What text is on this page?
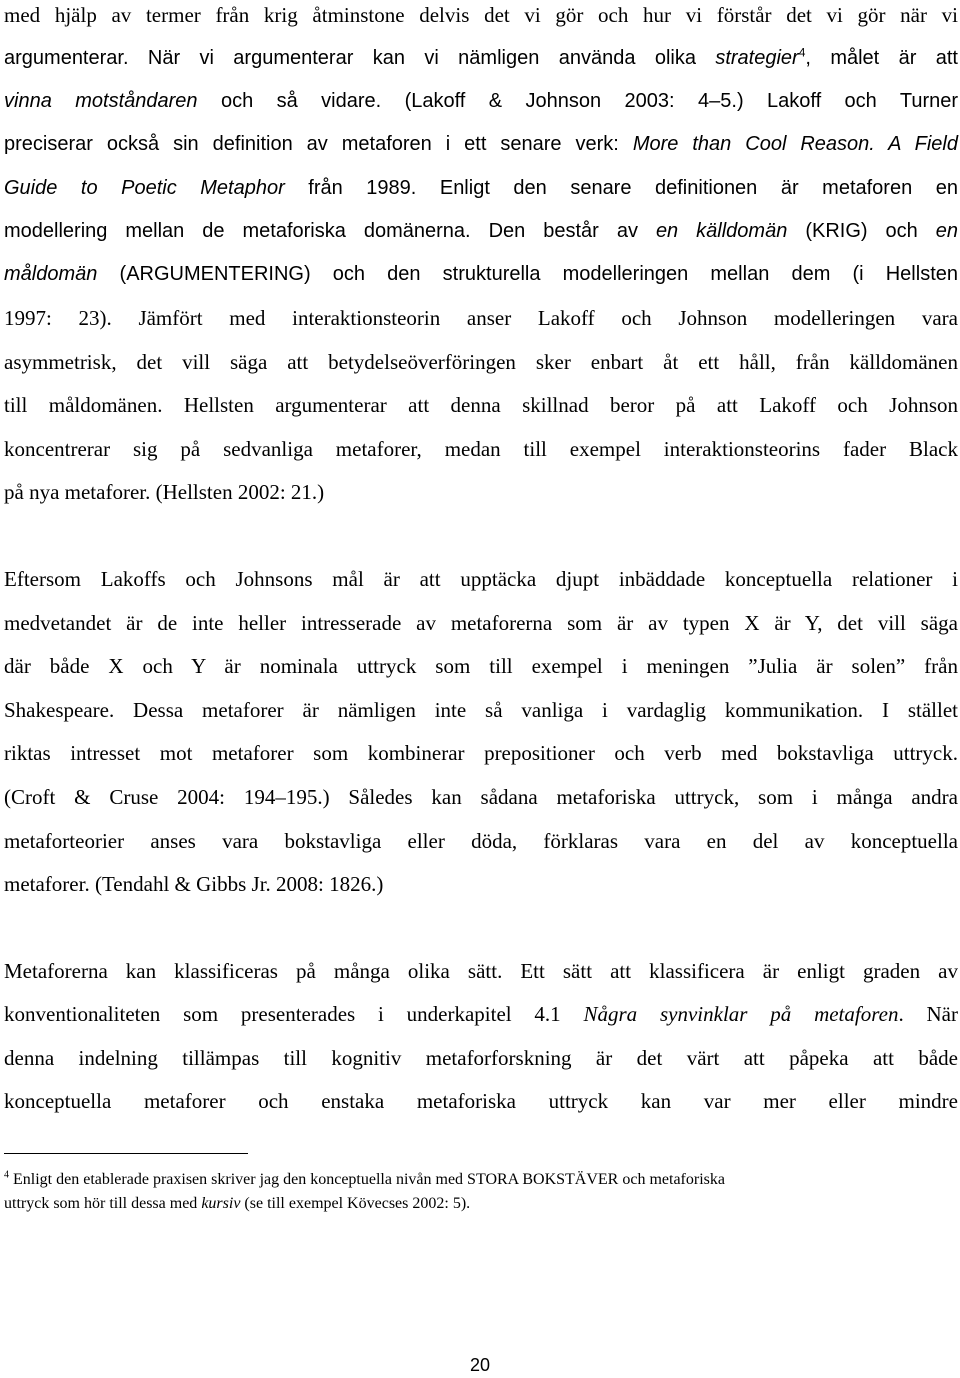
med hjälp av termer från krig åtminstone delvis det vi gör och hur vi förstår det vi gör när vi

argumenterar. När vi argumenterar kan vi nämligen använda olika strategier$^4$, målet är att

vinna motståndaren och så vidare. (Lakoff & Johnson 2003: 4–5.) Lakoff och Turner

preciserar också sin definition av metaforen i ett senare verk: More than Cool Reason. A Field

Guide to Poetic Metaphor från 1989. Enligt den senare definitionen är metaforen en

modellering mellan de metaforiska domänerna. Den består av en källdomän (KRIG) och en

måldomän (ARGUMENTERING) och den strukturella modelleringen mellan dem (i Hellsten

1997: 23). Jämfört med interaktionsteorin anser Lakoff och Johnson modelleringen vara

asymmetrisk, det vill säga att betydelseöverföringen sker enbart åt ett håll, från källdomänen

till måldomänen. Hellsten argumenterar att denna skillnad beror på att Lakoff och Johnson

koncentrerar sig på sedvanliga metaforer, medan till exempel interaktionsteorins fader Black

på nya metaforer. (Hellsten 2002: 21.)

Eftersom Lakoffs och Johnsons mål är att upptäcka djupt inbäddade konceptuella relationer i

medvetandet är de inte heller intresserade av metaforerna som är av typen X är Y, det vill säga

där både X och Y är nominala uttryck som till exempel i meningen ”Julia är solen” från

Shakespeare. Dessa metaforer är nämligen inte så vanliga i vardaglig kommunikation. I stället

riktas intresset mot metaforer som kombinerar prepositioner och verb med bokstavliga uttryck.

(Croft & Cruse 2004: 194–195.) Således kan sådana metaforiska uttryck, som i många andra

metaforteorier anses vara bokstavliga eller döda, förklaras vara en del av konceptuella

metaforer. (Tendahl & Gibbs Jr. 2008: 1826.)

Metaforerna kan klassificeras på många olika sätt. Ett sätt att klassificera är enligt graden av

konventionaliteten som presenterades i underkapitel 4.1 Några synvinklar på metaforen. När

denna indelning tillämpas till kognitiv metaforforskning är det värt att påpeka att både

konceptuella metaforer och enstaka metaforiska uttryck kan var mer eller mindre

$^4$ Enligt den etablerade praxisen skriver jag den konceptuella nivån med STORA BOKSTÄVER och metaforiska

uttryck som hör till dessa med kursiv (se till exempel Kövecses 2002: 5).

20
